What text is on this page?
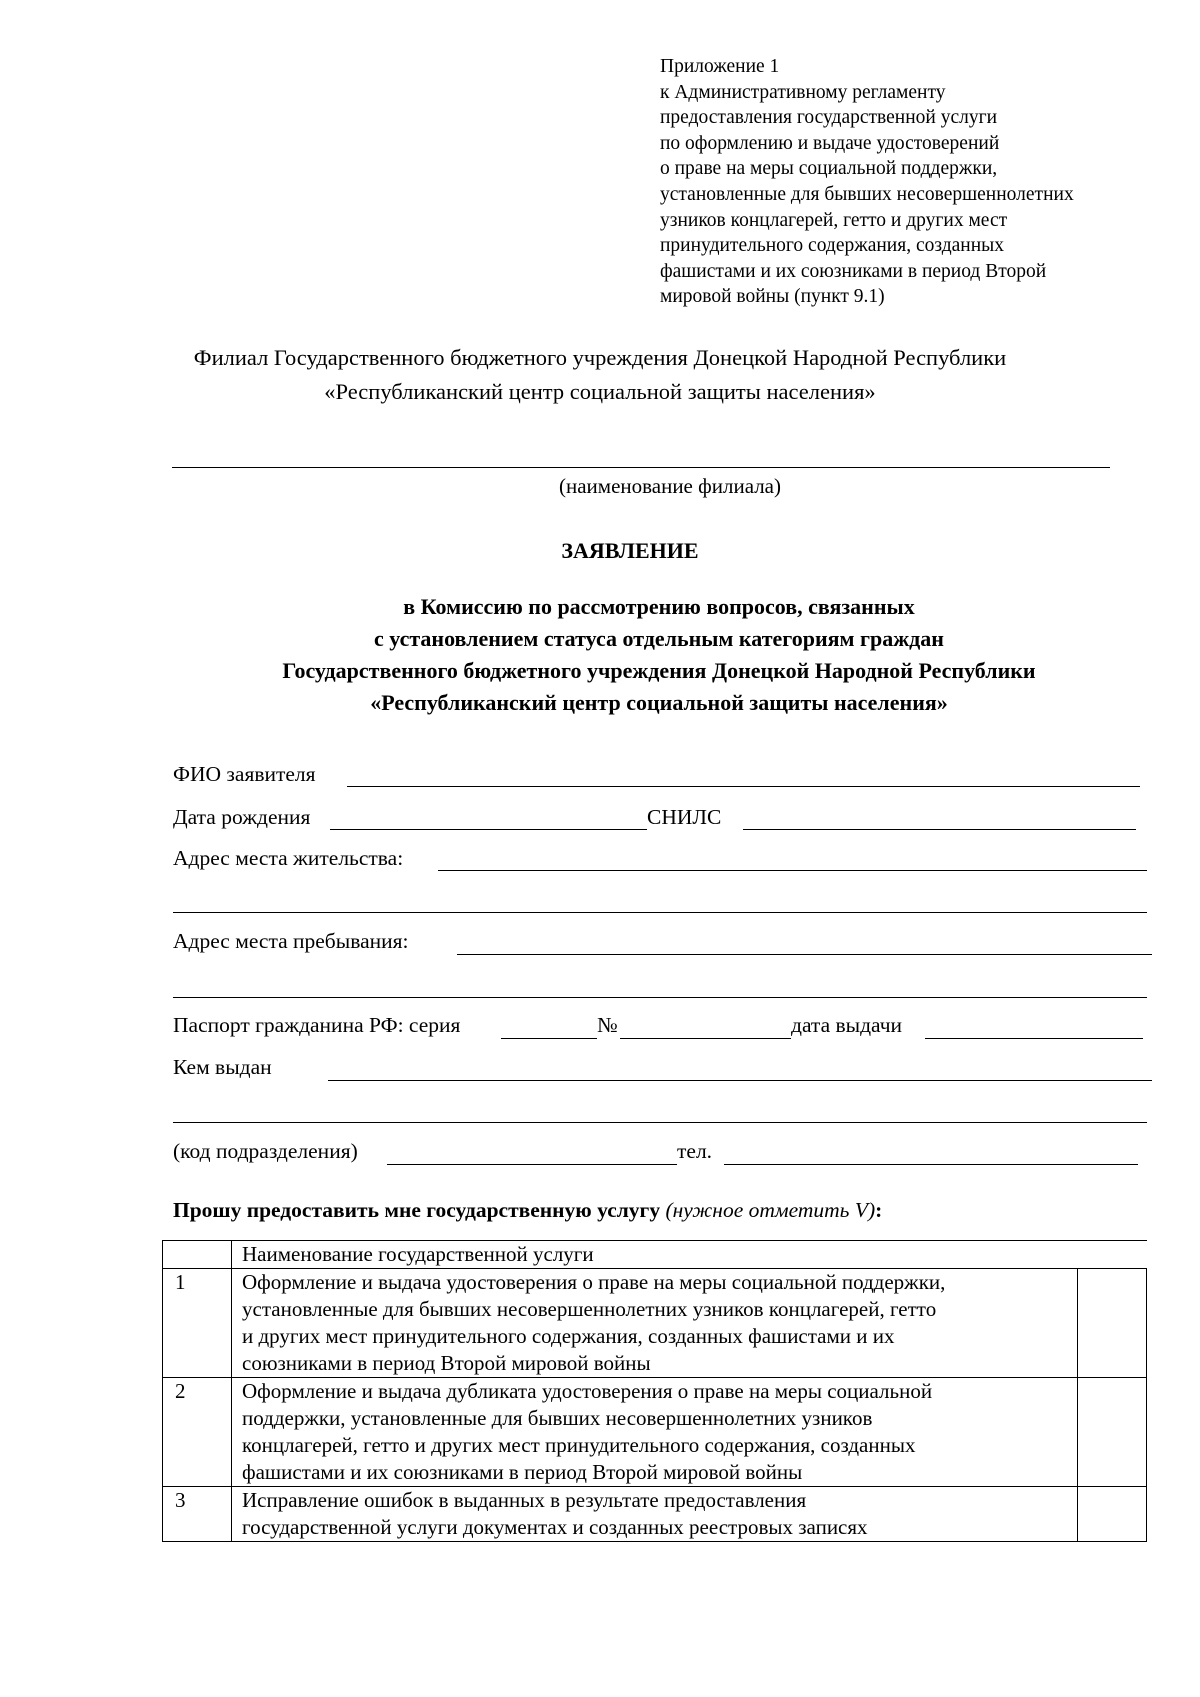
Приложение 1
к Административному регламенту
предоставления государственной услуги
по оформлению и выдаче удостоверений
о праве на меры социальной поддержки,
установленные для бывших несовершеннолетних
узников концлагерей, гетто и других мест
принудительного содержания, созданных
фашистами и их союзниками в период Второй
мировой войны (пункт 9.1)
Филиал Государственного бюджетного учреждения Донецкой Народной Республики
«Республиканский центр социальной защиты населения»
(наименование филиала)
ЗАЯВЛЕНИЕ
в Комиссию по рассмотрению вопросов, связанных
с установлением статуса отдельным категориям граждан
Государственного бюджетного учреждения Донецкой Народной Республики
«Республиканский центр социальной защиты населения»
ФИО заявителя
Дата рождения	СНИЛС
Адрес места жительства:
Адрес места пребывания:
Паспорт гражданина РФ: серия	№	дата выдачи
Кем выдан
(код подразделения)	тел.
Прошу предоставить мне государственную услугу (нужное отметить V):
	Наименование государственной услуги	
1	Оформление и выдача удостоверения о праве на меры социальной поддержки,
установленные для бывших несовершеннолетних узников концлагерей, гетто
и других мест принудительного содержания, созданных фашистами и их
союзниками в период Второй мировой войны	

2	Оформление и выдача дубликата удостоверения о праве на меры социальной
поддержки, установленные для бывших несовершеннолетних узников
концлагерей, гетто и других мест принудительного содержания, созданных
фашистами и их союзниками в период Второй мировой войны	

3	Исправление ошибок в выданных в результате предоставления
государственной услуги документах и созданных реестровых записях	
